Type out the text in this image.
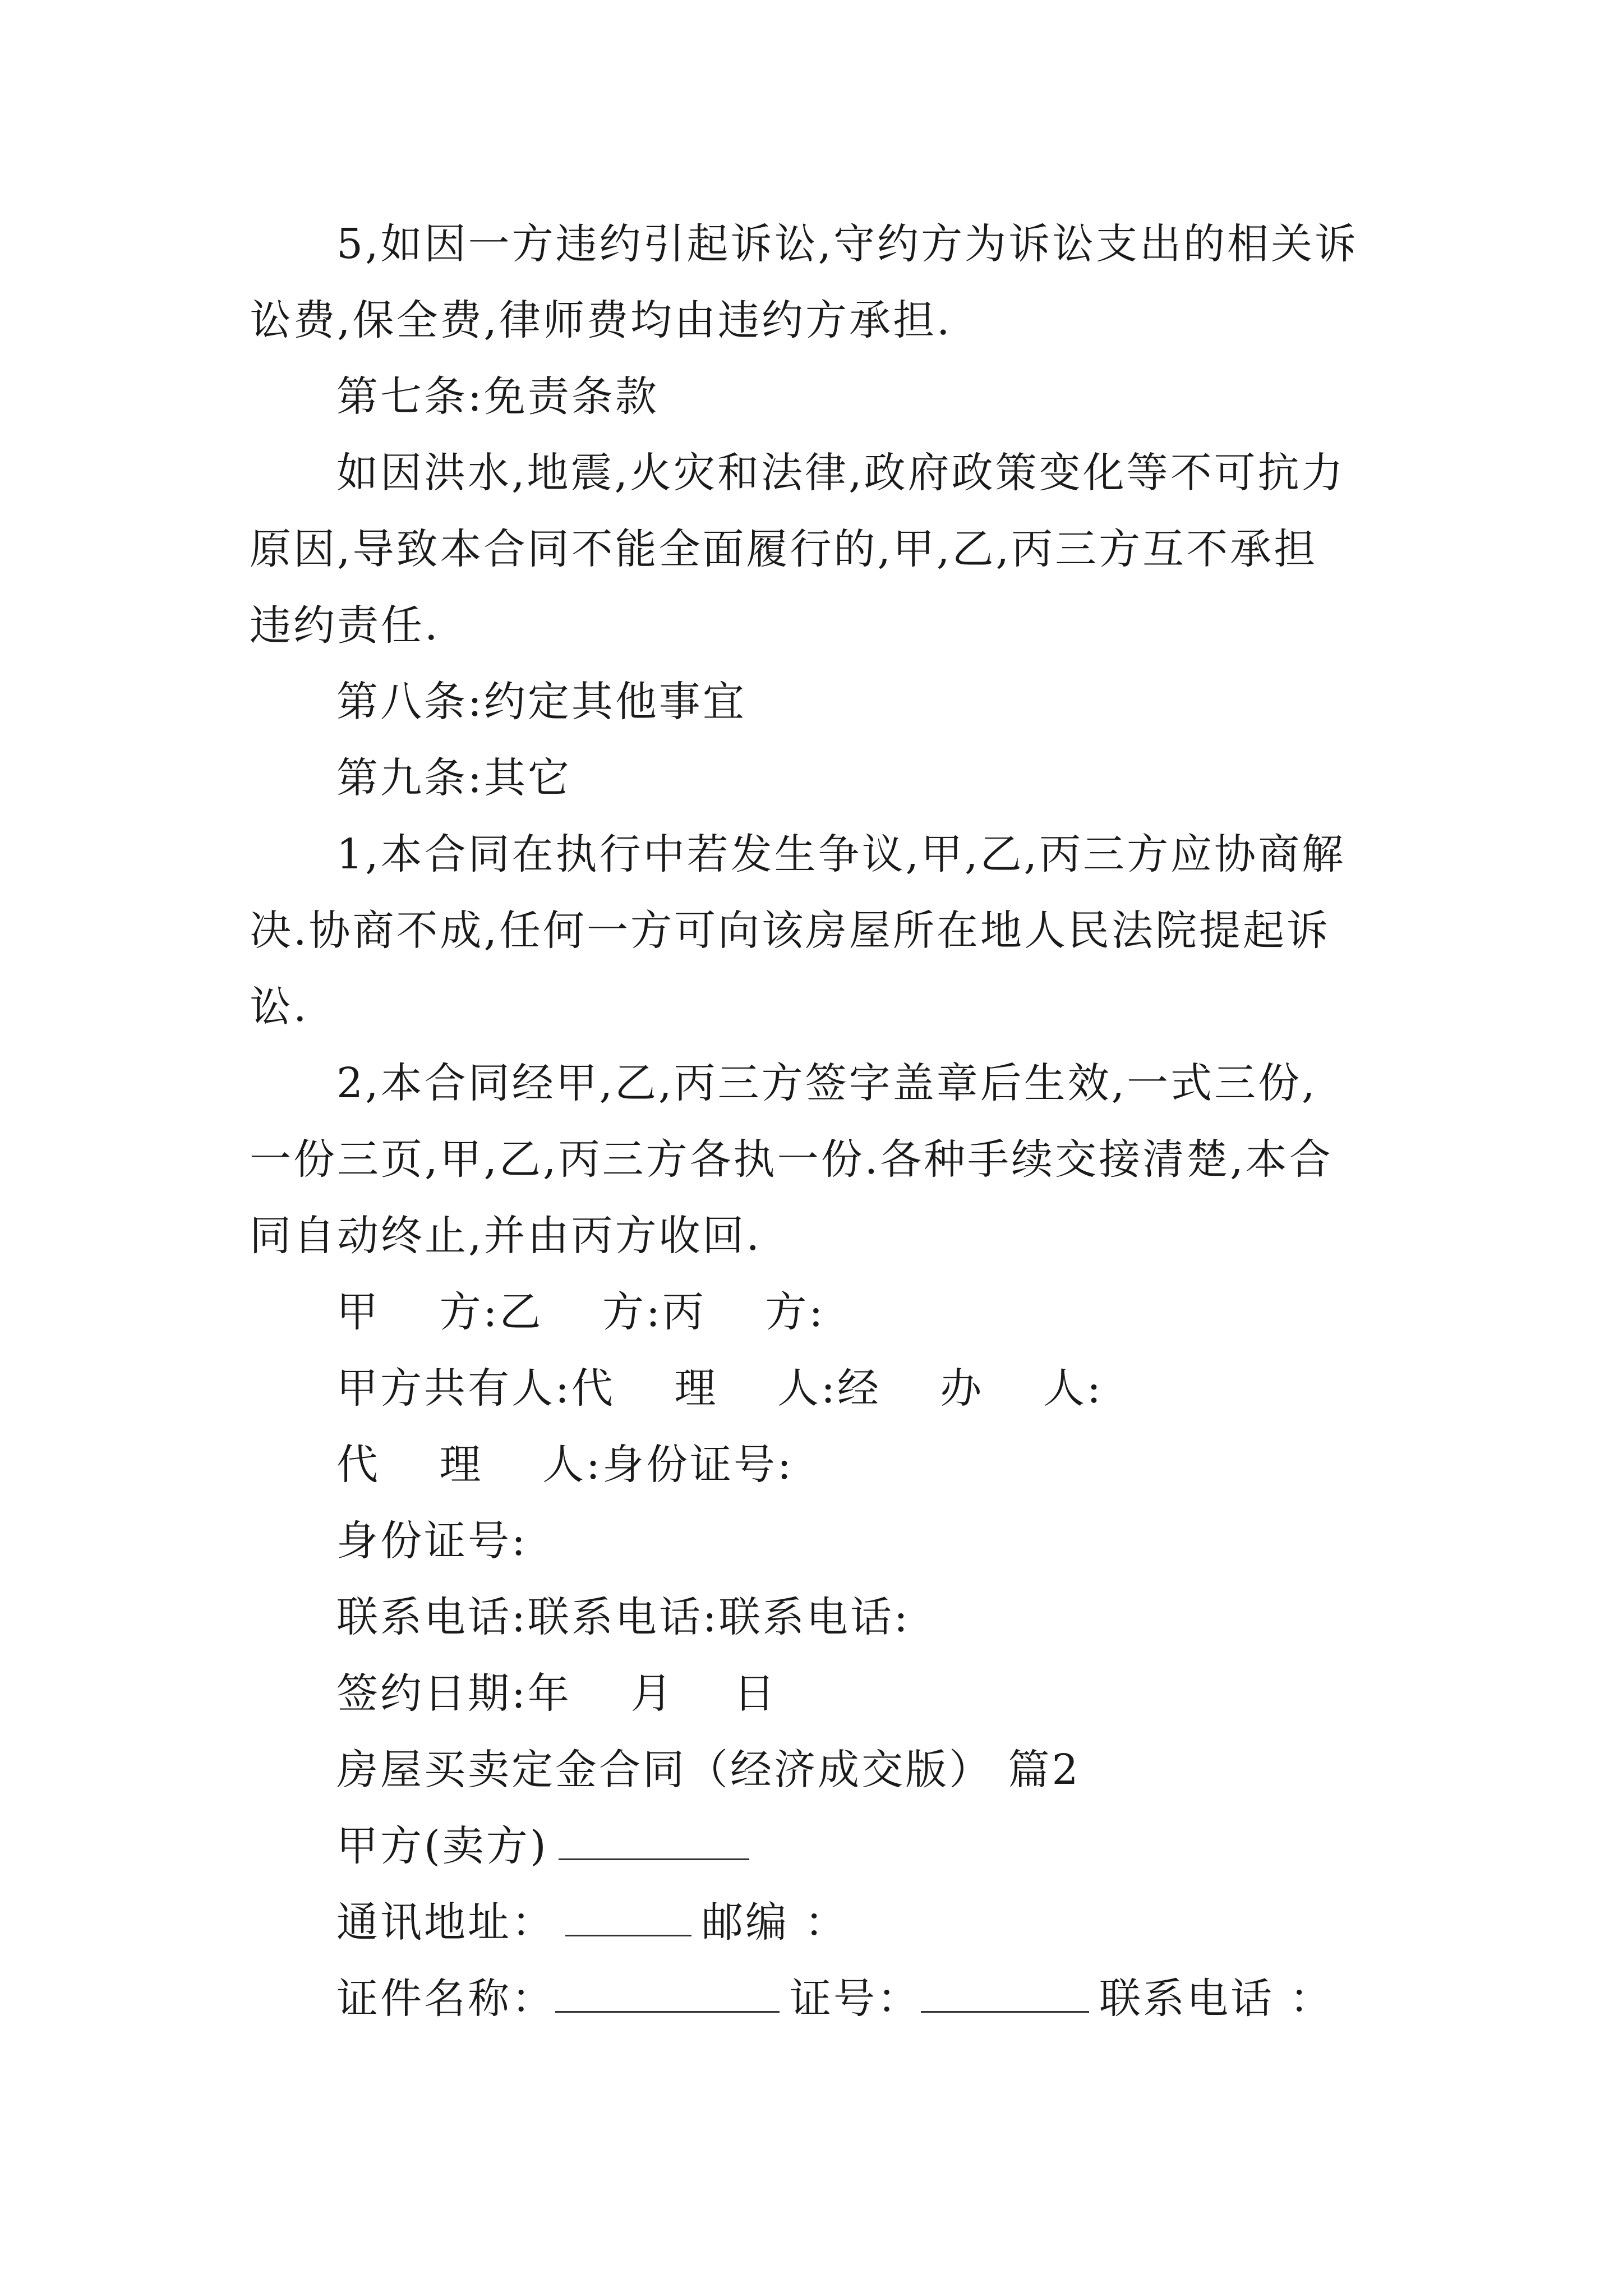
5,如因一方违约引起诉讼,守约方为诉讼支出的相关诉
讼费,保全费,律师费均由违约方承担.
第七条:免责条款
如因洪水,地震,火灾和法律,政府政策变化等不可抗力
原因,导致本合同不能全面履行的,甲,乙,丙三方互不承担
违约责任.
第八条:约定其他事宜
第九条:其它
1,本合同在执行中若发生争议,甲,乙,丙三方应协商解
决.协商不成,任何一方可向该房屋所在地人民法院提起诉
讼.
2,本合同经甲,乙,丙三方签字盖章后生效,一式三份,
一份三页,甲,乙,丙三方各执一份.各种手续交接清楚,本合
同自动终止,并由丙方收回.
甲　 方:乙　 方:丙　 方:
甲方共有人:代　 理　 人:经　 办　 人:
代　 理　 人:身份证号:
身份证号:
联系电话:联系电话:联系电话:
签约日期:年　 月　 日
房屋买卖定金合同（经济成交版） 篇2
甲方(卖方)
通讯地址：	邮编 ：
证件名称：	证号：	联系电话 ：
